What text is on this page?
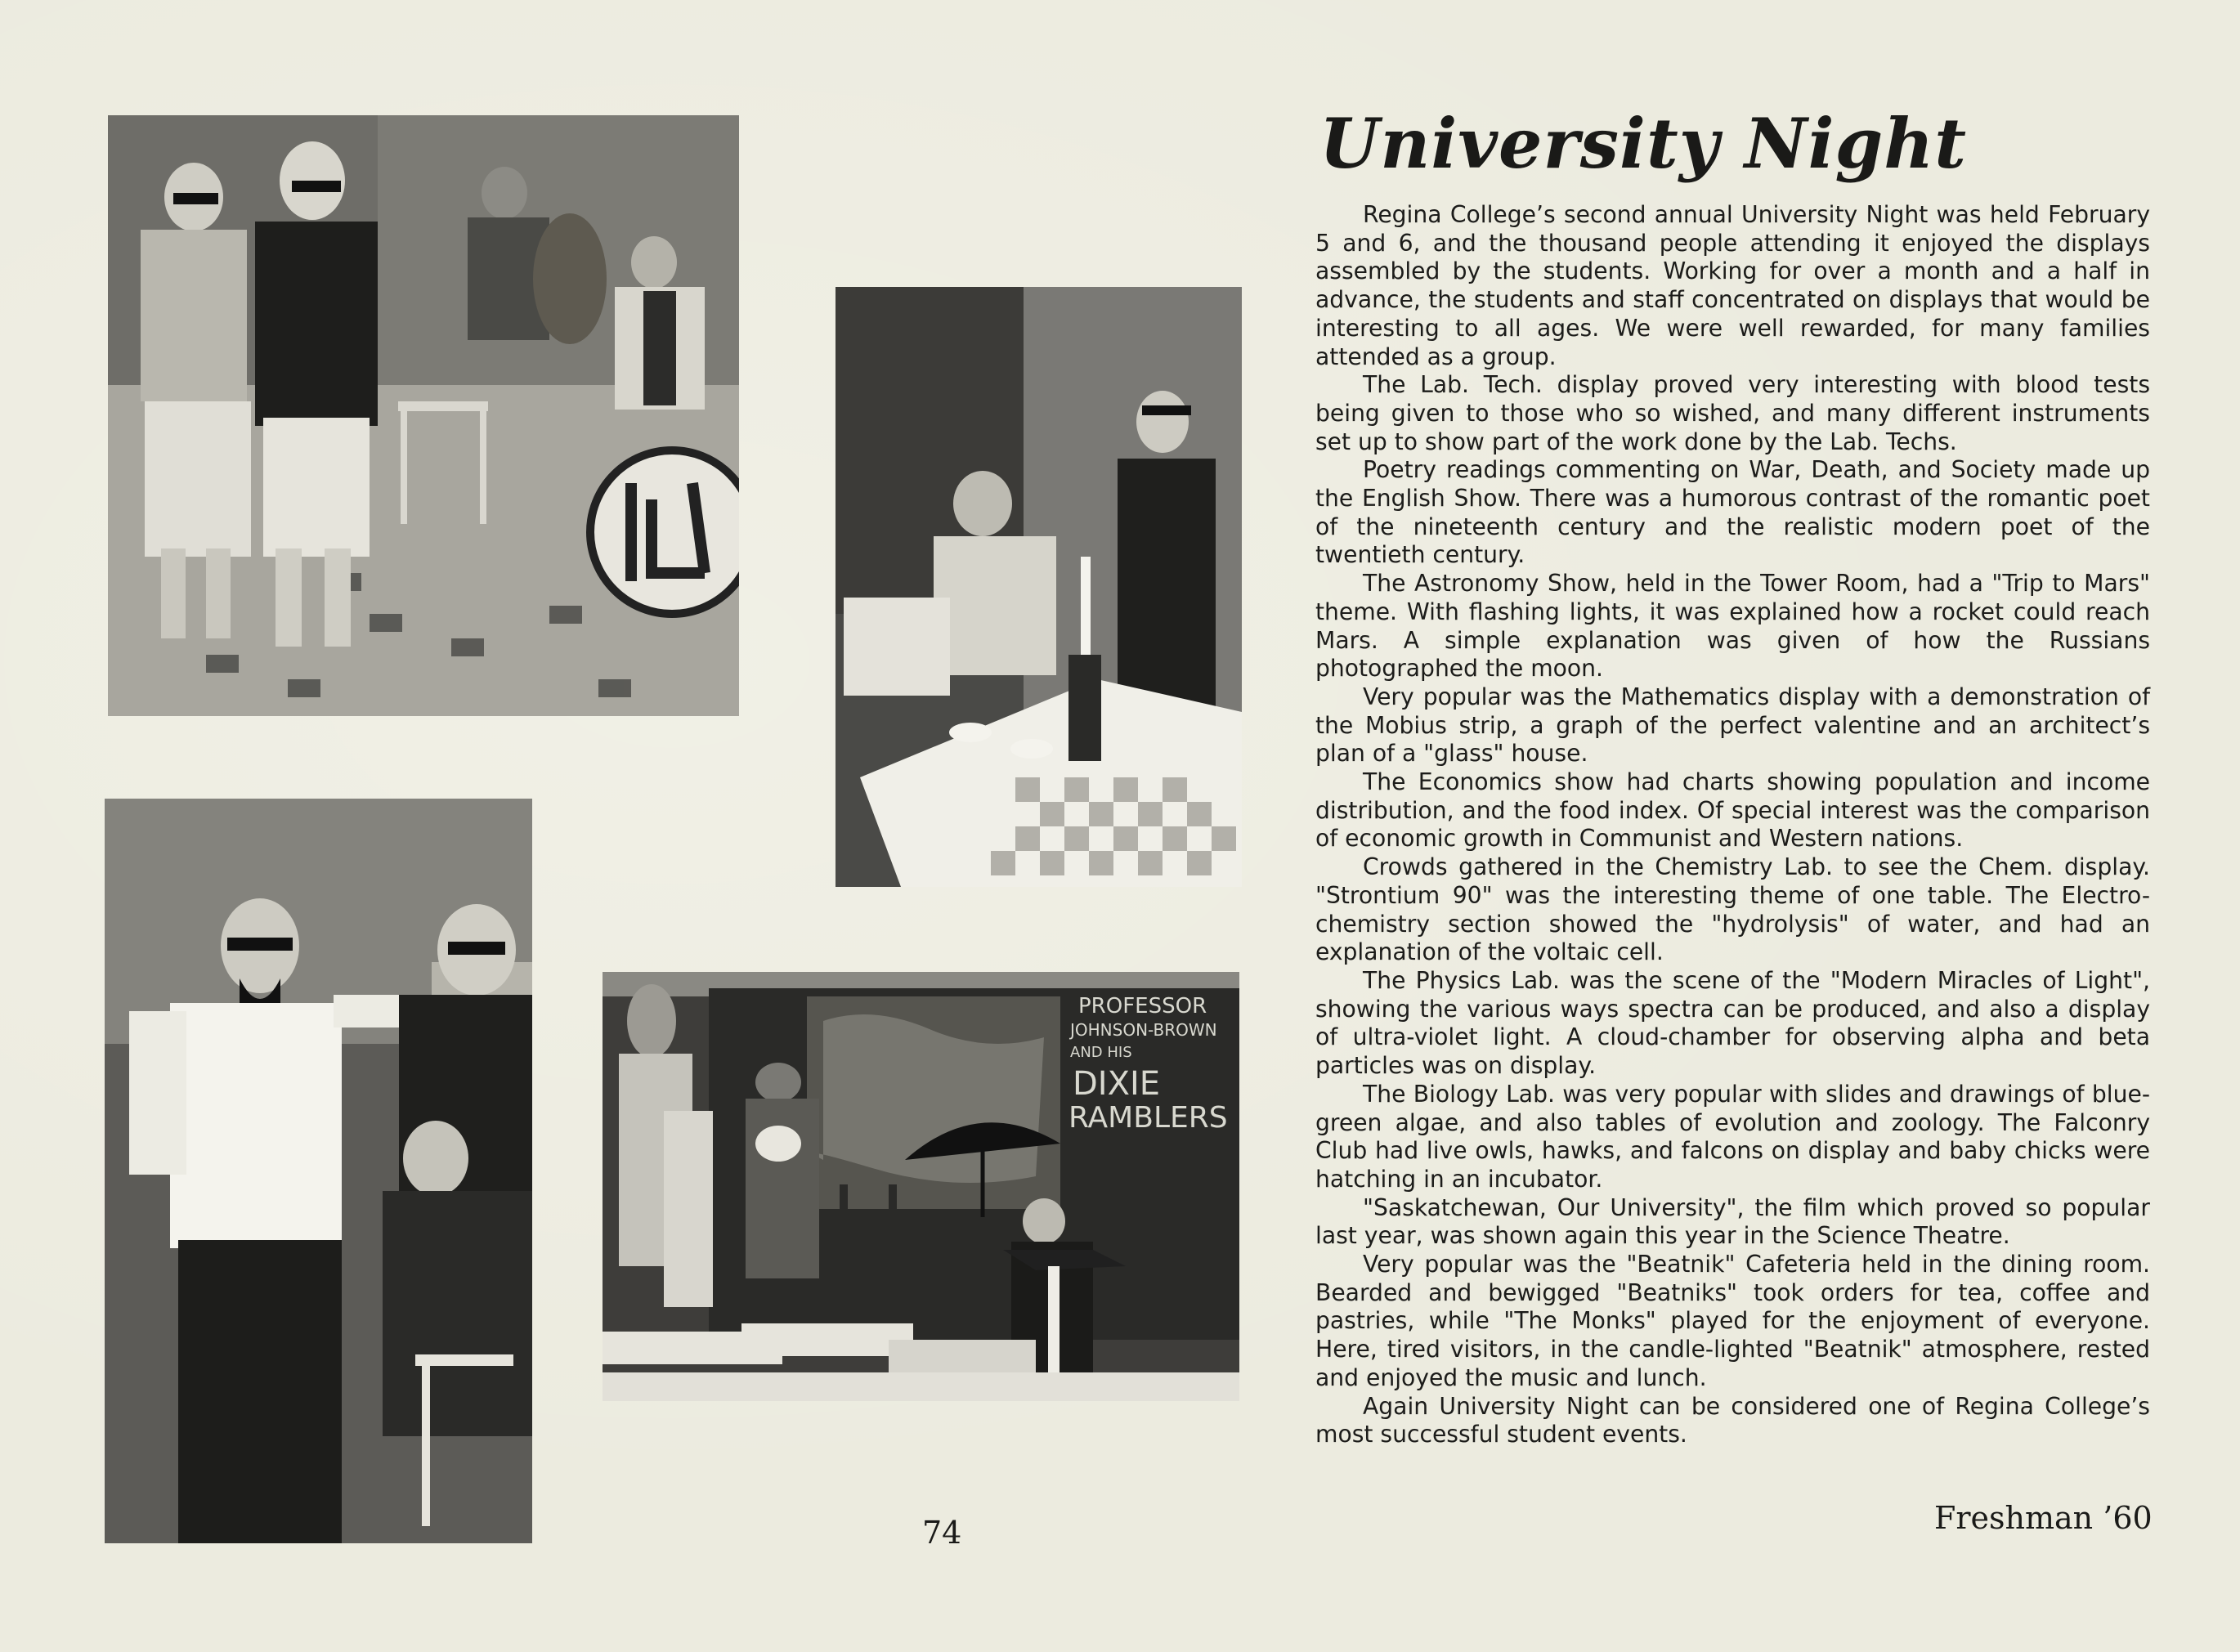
PROFESSOR
JOHNSON-BROWN
AND HIS
DIXIE
RAMBLERS
University Night

Regina College’s second annual University Night was held February 5 and 6, and the thousand people attending it enjoyed the displays assembled by the students. Working for over a month and a half in advance, the students and staff concentrated on displays that would be interesting to all ages. We were well rewarded, for many families attended as a group.

The Lab. Tech. display proved very interesting with blood tests being given to those who so wished, and many different instruments set up to show part of the work done by the Lab. Techs.

Poetry readings commenting on War, Death, and Society made up the English Show. There was a humorous contrast of the romantic poet of the nineteenth century and the realistic modern poet of the twentieth century.

The Astronomy Show, held in the Tower Room, had a "Trip to Mars" theme. With flashing lights, it was explained how a rocket could reach Mars. A simple explanation was given of how the Russians photographed the moon.

Very popular was the Mathematics display with a demonstration of the Mobius strip, a graph of the perfect valentine and an architect’s plan of a "glass" house.

The Economics show had charts showing population and income distribution, and the food index. Of special interest was the comparison of economic growth in Communist and Western nations.

Crowds gathered in the Chemistry Lab. to see the Chem. display. "Strontium 90" was the interesting theme of one table. The Electro-chemistry section showed the "hydrolysis" of water, and had an explanation of the voltaic cell.

The Physics Lab. was the scene of the "Modern Miracles of Light", showing the various ways spectra can be produced, and also a display of ultra-violet light. A cloud-chamber for observing alpha and beta particles was on display.

The Biology Lab. was very popular with slides and drawings of blue-green algae, and also tables of evolution and zoology. The Falconry Club had live owls, hawks, and falcons on display and baby chicks were hatching in an incubator.

"Saskatchewan, Our University", the film which proved so popular last year, was shown again this year in the Science Theatre.

Very popular was the "Beatnik" Cafeteria held in the dining room. Bearded and bewigged "Beatniks" took orders for tea, coffee and pastries, while "The Monks" played for the enjoyment of everyone. Here, tired visitors, in the candle-lighted "Beatnik" atmosphere, rested and enjoyed the music and lunch.

Again University Night can be considered one of Regina College’s most successful student events.

Freshman ’60
74
